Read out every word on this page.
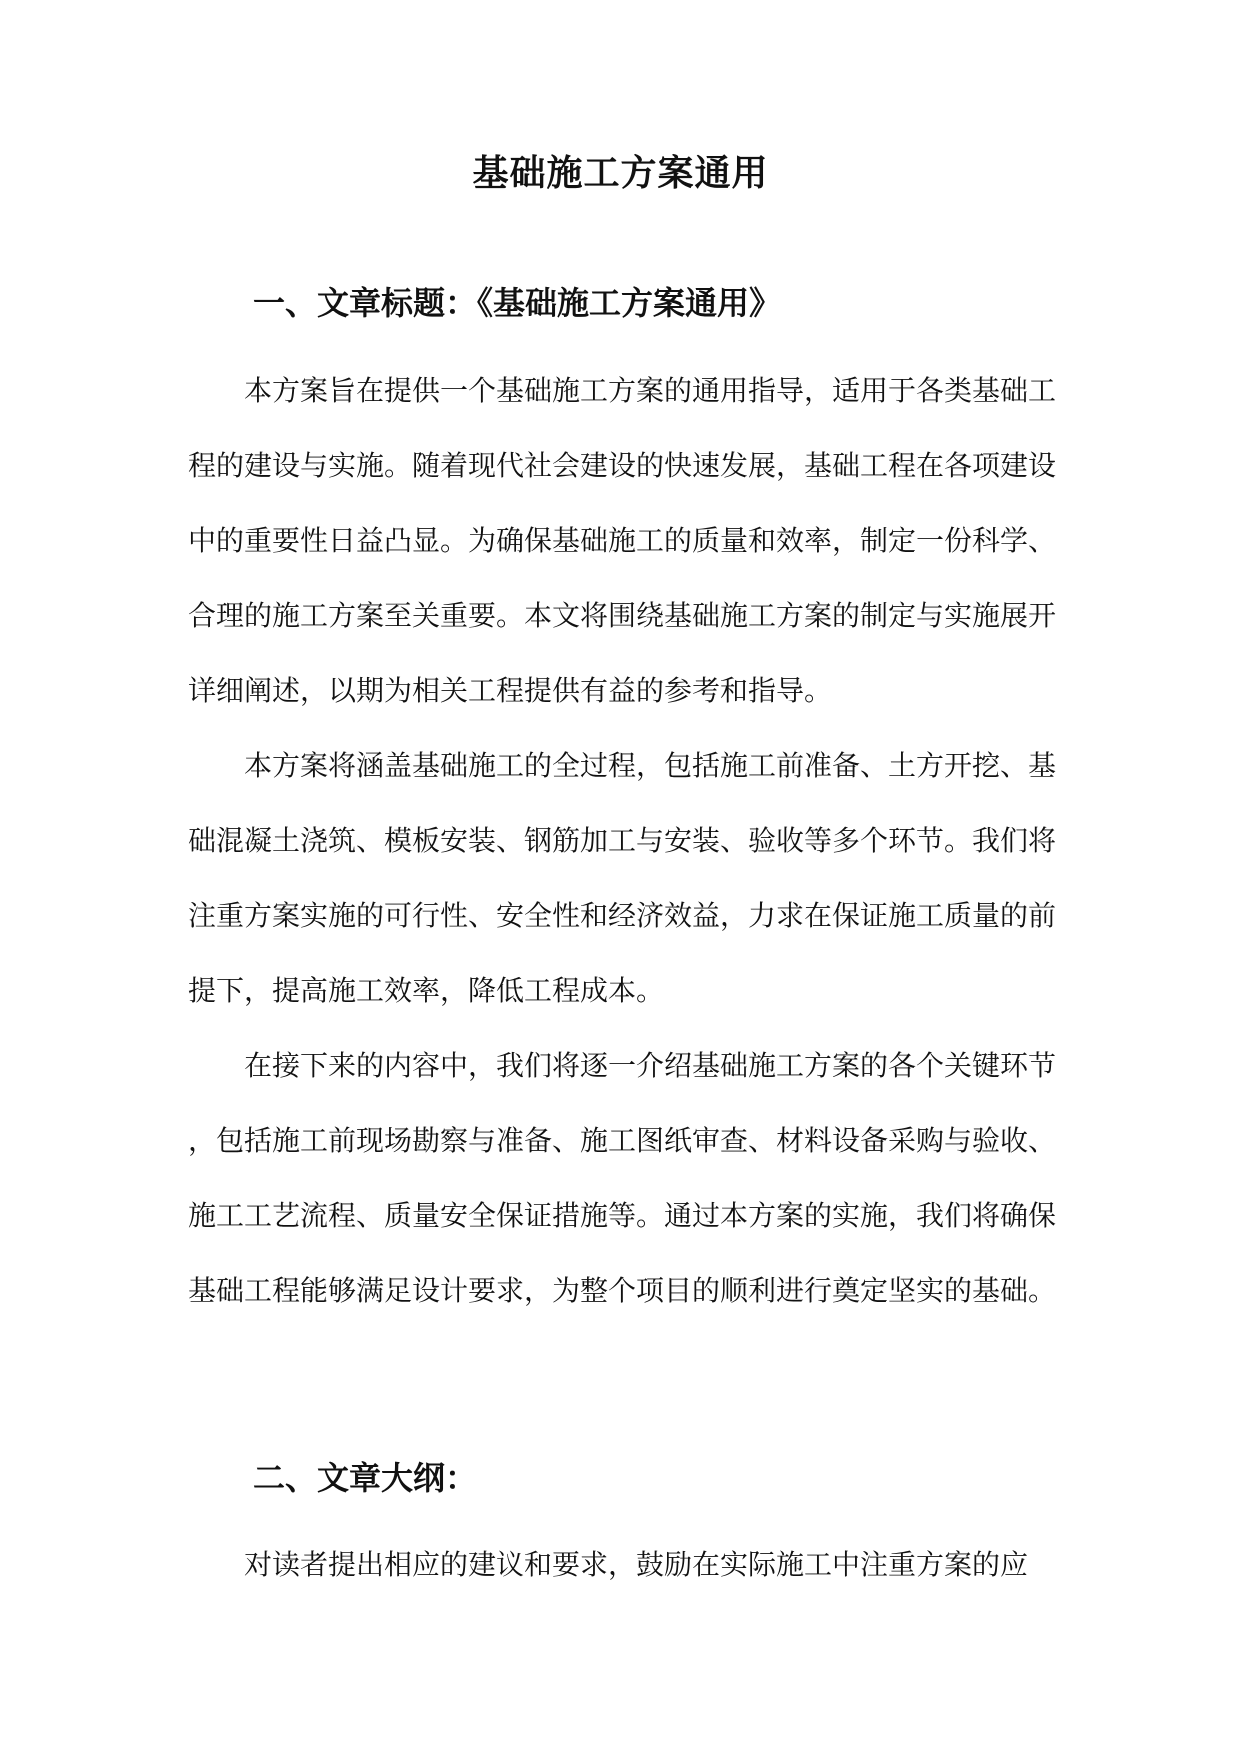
基础施工方案通用
一、文章标题：《基础施工方案通用》

本方案旨在提供一个基础施工方案的通用指导，适用于各类基础工程的建设与实施。随着现代社会建设的快速发展，基础工程在各项建设中的重要性日益凸显。为确保基础施工的质量和效率，制定一份科学、合理的施工方案至关重要。本文将围绕基础施工方案的制定与实施展开详细阐述，以期为相关工程提供有益的参考和指导。

本方案将涵盖基础施工的全过程，包括施工前准备、土方开挖、基础混凝土浇筑、模板安装、钢筋加工与安装、验收等多个环节。我们将注重方案实施的可行性、安全性和经济效益，力求在保证施工质量的前提下，提高施工效率，降低工程成本。

在接下来的内容中，我们将逐一介绍基础施工方案的各个关键环节，包括施工前现场勘察与准备、施工图纸审查、材料设备采购与验收、施工工艺流程、质量安全保证措施等。通过本方案的实施，我们将确保基础工程能够满足设计要求，为整个项目的顺利进行奠定坚实的基础。

二、文章大纲：

对读者提出相应的建议和要求，鼓励在实际施工中注重方案的应
